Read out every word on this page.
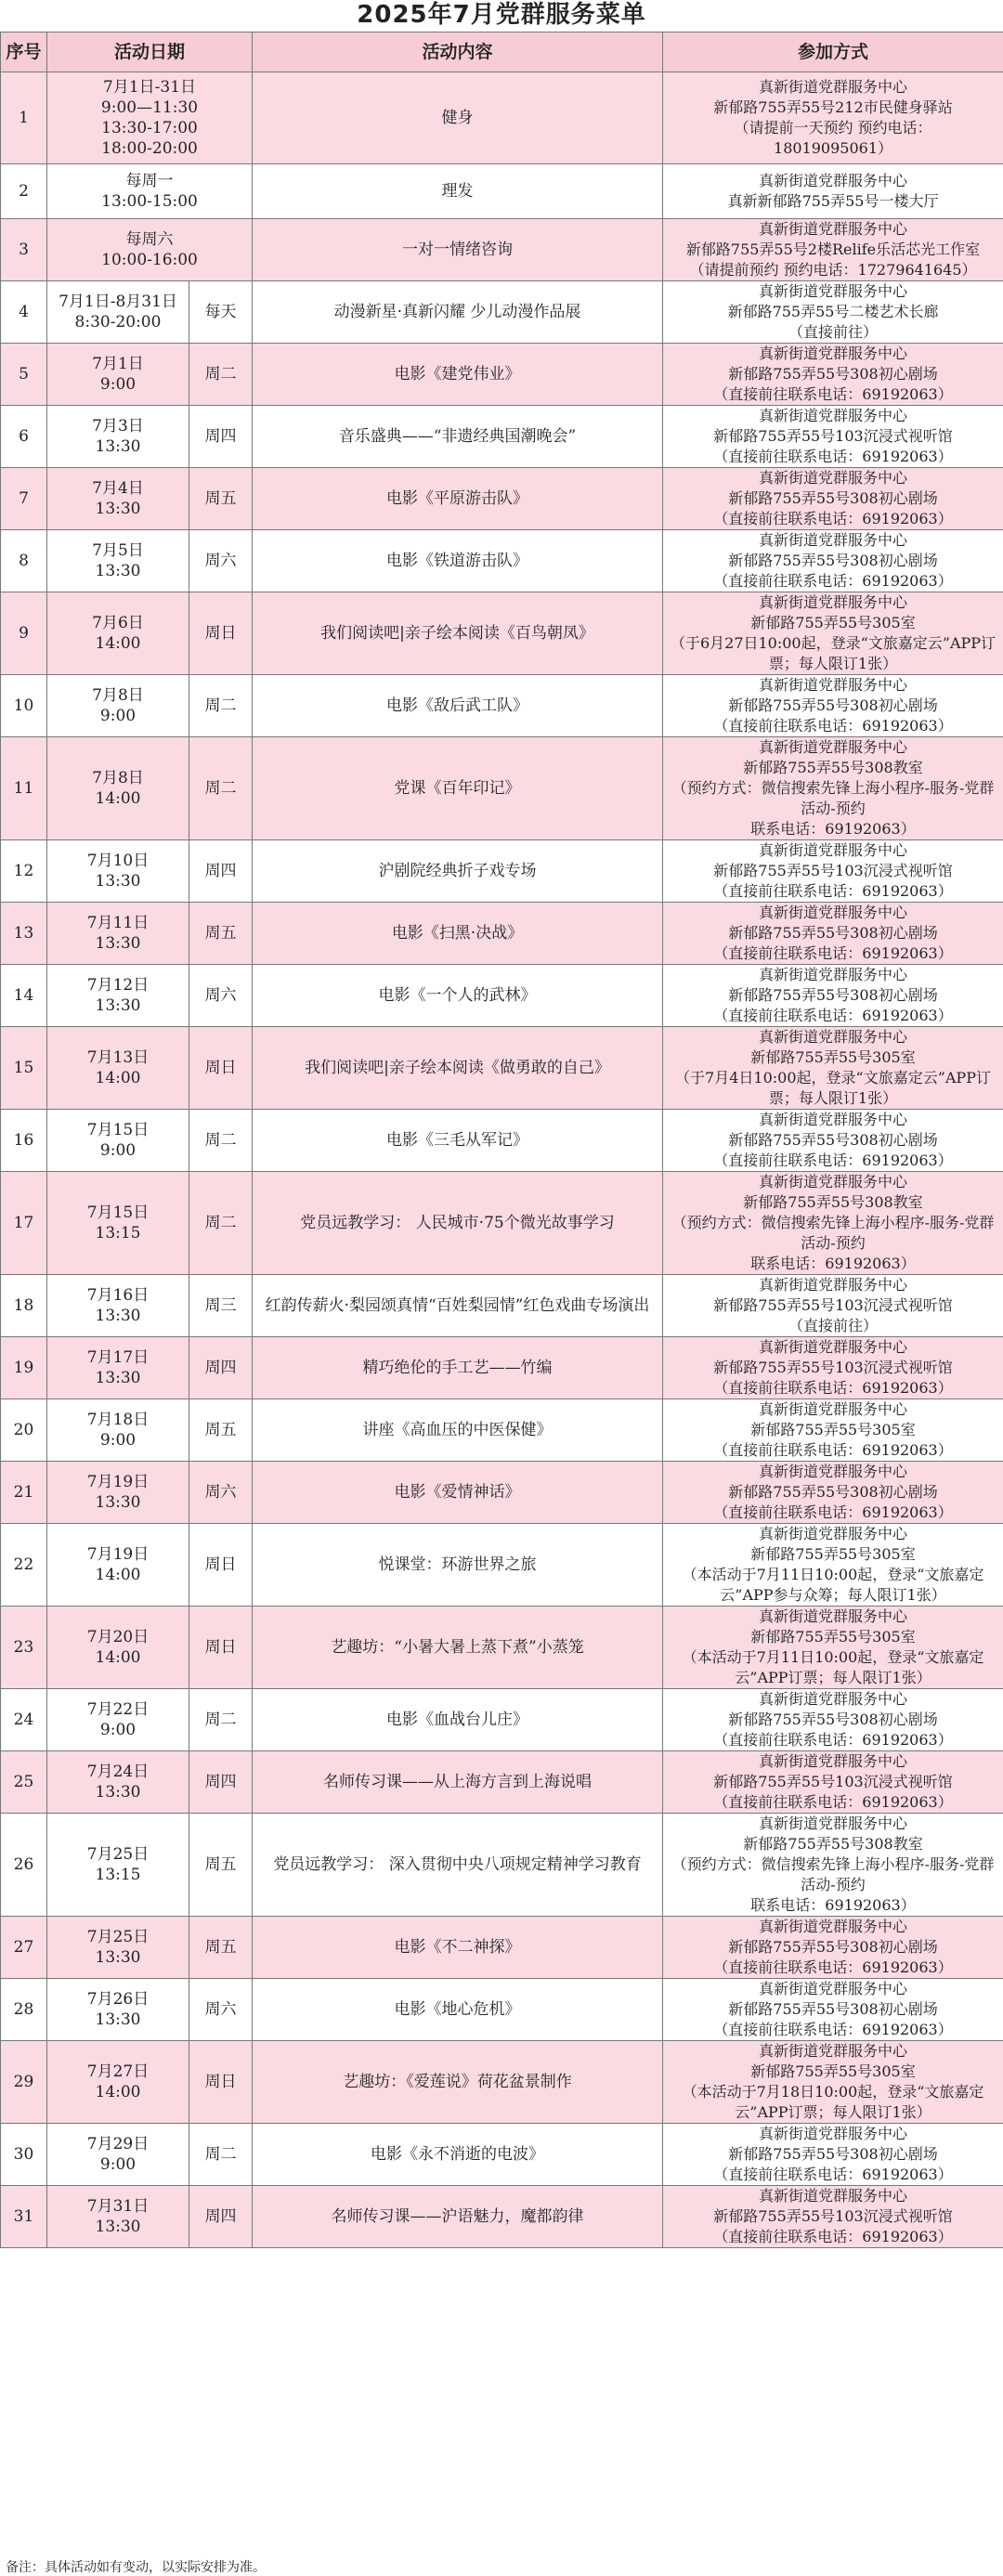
2025年7月党群服务菜单
序号	活动日期		活动内容	参加方式
1	7月1日-31日
9:00—11:30
13:30-17:00
18:00-20:00		健身	真新街道党群服务中心
新郁路755弄55号212市民健身驿站
（请提前一天预约 预约电话：
18019095061）
2	每周一
13:00-15:00		理发	真新街道党群服务中心
真新新郁路755弄55号一楼大厅
3	每周六
10:00-16:00		一对一情绪咨询	真新街道党群服务中心
新郁路755弄55号2楼Relife乐活芯光工作室
（请提前预约 预约电话：17279641645）
4	7月1日-8月31日
8:30-20:00	每天	动漫新星·真新闪耀 少儿动漫作品展	真新街道党群服务中心
新郁路755弄55号二楼艺术长廊
（直接前往）
5	7月1日
9:00	周二	电影《建党伟业》	真新街道党群服务中心
新郁路755弄55号308初心剧场
（直接前往联系电话：69192063）
6	7月3日
13:30	周四	音乐盛典——“非遗经典国潮晚会”	真新街道党群服务中心
新郁路755弄55号103沉浸式视听馆
（直接前往联系电话：69192063）
7	7月4日
13:30	周五	电影《平原游击队》	真新街道党群服务中心
新郁路755弄55号308初心剧场
（直接前往联系电话：69192063）
8	7月5日
13:30	周六	电影《铁道游击队》	真新街道党群服务中心
新郁路755弄55号308初心剧场
（直接前往联系电话：69192063）
9	7月6日
14:00	周日	我们阅读吧|亲子绘本阅读《百鸟朝凤》	真新街道党群服务中心
新郁路755弄55号305室
（于6月27日10:00起，登录“文旅嘉定云”APP订票；每人限订1张）
10	7月8日
9:00	周二	电影《敌后武工队》	真新街道党群服务中心
新郁路755弄55号308初心剧场
（直接前往联系电话：69192063）
11	7月8日
14:00	周二	党课《百年印记》	真新街道党群服务中心
新郁路755弄55号308教室
（预约方式：微信搜索先锋上海小程序-服务-党群活动-预约
联系电话：69192063）
12	7月10日
13:30	周四	沪剧院经典折子戏专场	真新街道党群服务中心
新郁路755弄55号103沉浸式视听馆
（直接前往联系电话：69192063）
13	7月11日
13:30	周五	电影《扫黑·决战》	真新街道党群服务中心
新郁路755弄55号308初心剧场
（直接前往联系电话：69192063）
14	7月12日
13:30	周六	电影《一个人的武林》	真新街道党群服务中心
新郁路755弄55号308初心剧场
（直接前往联系电话：69192063）
15	7月13日
14:00	周日	我们阅读吧|亲子绘本阅读《做勇敢的自己》	真新街道党群服务中心
新郁路755弄55号305室
（于7月4日10:00起，登录“文旅嘉定云”APP订票；每人限订1张）
16	7月15日
9:00	周二	电影《三毛从军记》	真新街道党群服务中心
新郁路755弄55号308初心剧场
（直接前往联系电话：69192063）
17	7月15日
13:15	周二	党员远教学习： 人民城市·75个微光故事学习	真新街道党群服务中心
新郁路755弄55号308教室
（预约方式：微信搜索先锋上海小程序-服务-党群活动-预约
联系电话：69192063）
18	7月16日
13:30	周三	红韵传薪火·梨园颂真情“百姓梨园情”红色戏曲专场演出	真新街道党群服务中心
新郁路755弄55号103沉浸式视听馆
（直接前往）
19	7月17日
13:30	周四	精巧绝伦的手工艺——竹编	真新街道党群服务中心
新郁路755弄55号103沉浸式视听馆
（直接前往联系电话：69192063）
20	7月18日
9:00	周五	讲座《高血压的中医保健》	真新街道党群服务中心
新郁路755弄55号305室
（直接前往联系电话：69192063）
21	7月19日
13:30	周六	电影《爱情神话》	真新街道党群服务中心
新郁路755弄55号308初心剧场
（直接前往联系电话：69192063）
22	7月19日
14:00	周日	悦课堂：环游世界之旅	真新街道党群服务中心
新郁路755弄55号305室
（本活动于7月11日10:00起，登录“文旅嘉定云”APP参与众筹；每人限订1张）
23	7月20日
14:00	周日	艺趣坊：“小暑大暑上蒸下煮”小蒸笼	真新街道党群服务中心
新郁路755弄55号305室
（本活动于7月11日10:00起，登录“文旅嘉定云”APP订票；每人限订1张）
24	7月22日
9:00	周二	电影《血战台儿庄》	真新街道党群服务中心
新郁路755弄55号308初心剧场
（直接前往联系电话：69192063）
25	7月24日
13:30	周四	名师传习课——从上海方言到上海说唱	真新街道党群服务中心
新郁路755弄55号103沉浸式视听馆
（直接前往联系电话：69192063）
26	7月25日
13:15	周五	党员远教学习： 深入贯彻中央八项规定精神学习教育	真新街道党群服务中心
新郁路755弄55号308教室
（预约方式：微信搜索先锋上海小程序-服务-党群活动-预约
联系电话：69192063）
27	7月25日
13:30	周五	电影《不二神探》	真新街道党群服务中心
新郁路755弄55号308初心剧场
（直接前往联系电话：69192063）
28	7月26日
13:30	周六	电影《地心危机》	真新街道党群服务中心
新郁路755弄55号308初心剧场
（直接前往联系电话：69192063）
29	7月27日
14:00	周日	艺趣坊：《爱莲说》荷花盆景制作	真新街道党群服务中心
新郁路755弄55号305室
（本活动于7月18日10:00起，登录“文旅嘉定云”APP订票；每人限订1张）
30	7月29日
9:00	周二	电影《永不消逝的电波》	真新街道党群服务中心
新郁路755弄55号308初心剧场
（直接前往联系电话：69192063）
31	7月31日
13:30	周四	名师传习课——沪语魅力，魔都韵律	真新街道党群服务中心
新郁路755弄55号103沉浸式视听馆
（直接前往联系电话：69192063）
备注：具体活动如有变动，以实际安排为准。
